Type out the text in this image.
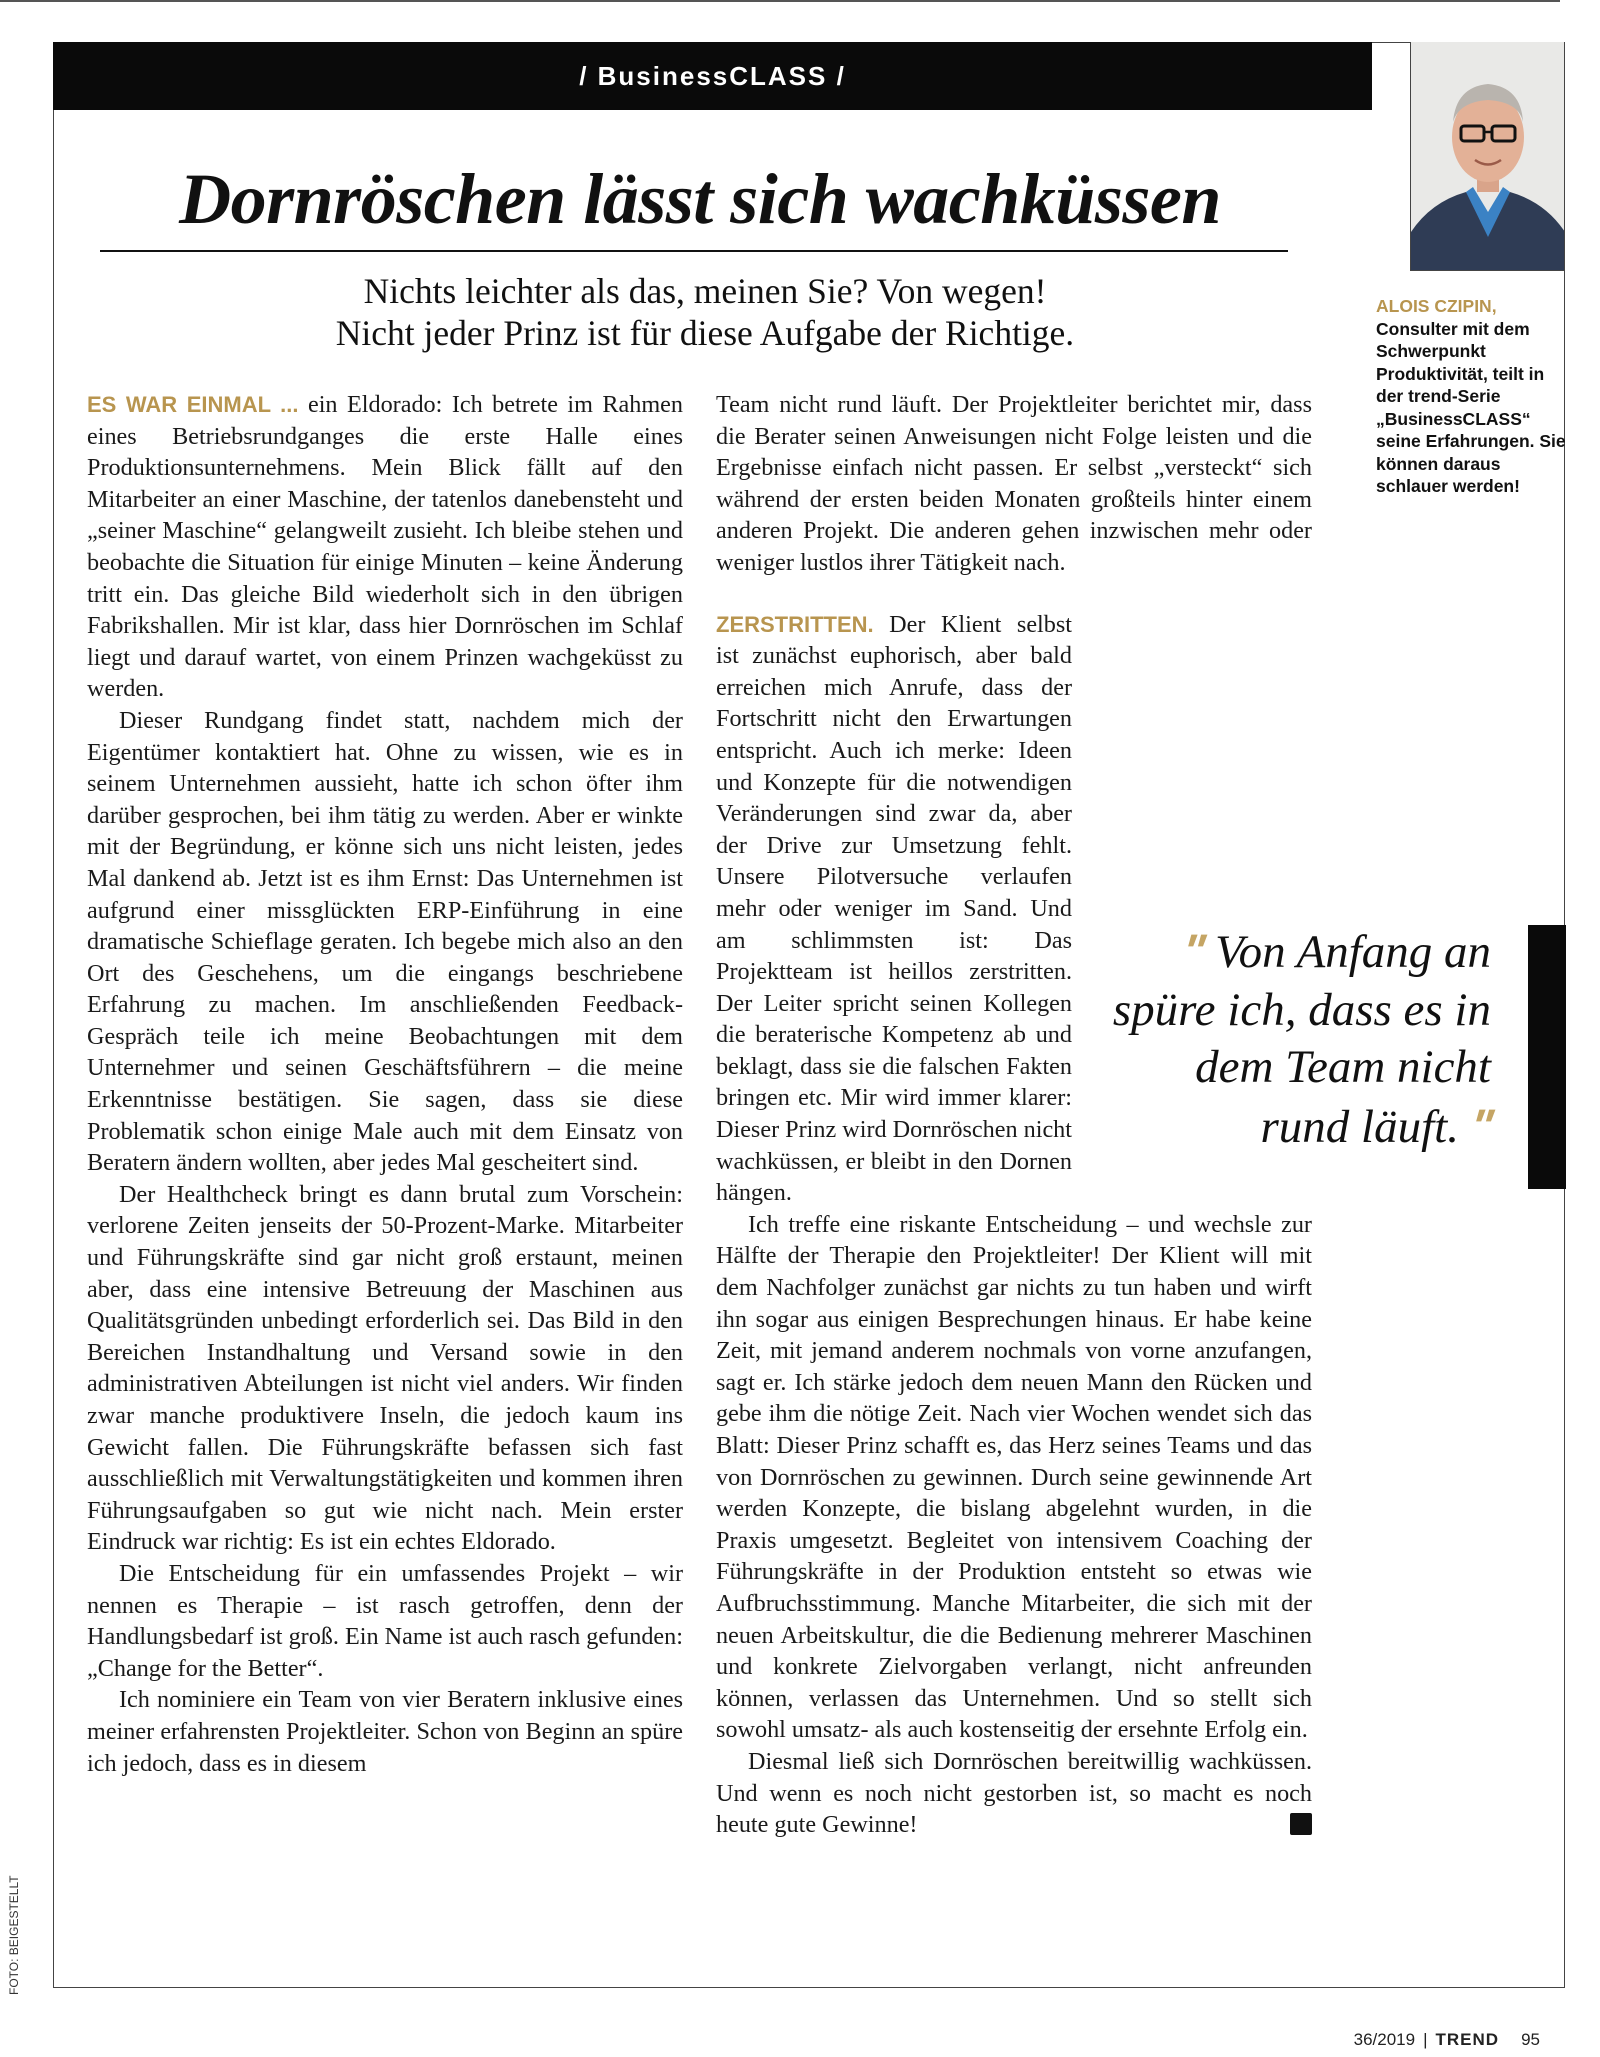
/ BusinessCLASS /
ALOIS CZIPIN,
Consulter mit dem Schwerpunkt Produktivität, teilt in der trend-Serie „BusinessCLASS“ seine Erfahrungen. Sie können daraus schlauer werden!
Dornröschen lässt sich wachküssen
Nichts leichter als das, meinen Sie? Von wegen!
Nicht jeder Prinz ist für diese Aufgabe der Richtige.

ES WAR EINMAL ... ein Eldorado: Ich betrete im Rahmen eines Betriebsrundganges die erste Halle eines Produktionsunternehmens. Mein Blick fällt auf den Mitarbeiter an einer Maschine, der tatenlos danebensteht und „seiner Maschine“ gelangweilt zusieht. Ich bleibe stehen und beobachte die Situation für einige Minuten – keine Änderung tritt ein. Das gleiche Bild wiederholt sich in den übrigen Fabrikshallen. Mir ist klar, dass hier Dornröschen im Schlaf liegt und darauf wartet, von einem Prinzen wachgeküsst zu werden.

Dieser Rundgang findet statt, nachdem mich der Eigentümer kontaktiert hat. Ohne zu wissen, wie es in seinem Unternehmen aussieht, hatte ich schon öfter ihm darüber gesprochen, bei ihm tätig zu werden. Aber er winkte mit der Begründung, er könne sich uns nicht leisten, jedes Mal dankend ab. Jetzt ist es ihm Ernst: Das Unternehmen ist aufgrund einer missglückten ERP-Einführung in eine dramatische Schieflage geraten. Ich begebe mich also an den Ort des Geschehens, um die eingangs beschriebene Erfahrung zu machen. Im anschließenden Feedback-Gespräch teile ich meine Beobachtungen mit dem Unternehmer und seinen Geschäftsführern – die meine Erkenntnisse bestätigen. Sie sagen, dass sie diese Problematik schon einige Male auch mit dem Einsatz von Beratern ändern wollten, aber jedes Mal gescheitert sind.

Der Healthcheck bringt es dann brutal zum Vorschein: verlorene Zeiten jenseits der 50-Prozent-Marke. Mitarbeiter und Führungskräfte sind gar nicht groß erstaunt, meinen aber, dass eine intensive Betreuung der Maschinen aus Qualitätsgründen unbedingt erforderlich sei. Das Bild in den Bereichen Instandhaltung und Versand sowie in den administrativen Abteilungen ist nicht viel anders. Wir finden zwar manche produktivere Inseln, die jedoch kaum ins Gewicht fallen. Die Führungskräfte befassen sich fast ausschließlich mit Verwaltungstätigkeiten und kommen ihren Führungsaufgaben so gut wie nicht nach. Mein erster Eindruck war richtig: Es ist ein echtes Eldorado.

Die Entscheidung für ein umfassendes Projekt – wir nennen es Therapie – ist rasch getroffen, denn der Handlungsbedarf ist groß. Ein Name ist auch rasch gefunden: „Change for the Better“.

Ich nominiere ein Team von vier Beratern inklusive eines meiner erfahrensten Projektleiter. Schon von Beginn an spüre ich jedoch, dass es in diesem

Team nicht rund läuft. Der Projektleiter berichtet mir, dass die Berater seinen Anweisungen nicht Folge leisten und die Ergebnisse einfach nicht passen. Er selbst „versteckt“ sich während der ersten beiden Monaten großteils hinter einem anderen Projekt. Die anderen gehen inzwischen mehr oder weniger lustlos ihrer Tätigkeit nach.

ZERSTRITTEN. Der Klient selbst ist zunächst euphorisch, aber bald erreichen mich Anrufe, dass der Fortschritt nicht den Erwartungen entspricht. Auch ich merke: Ideen und Konzepte für die notwendigen Veränderungen sind zwar da, aber der Drive zur Umsetzung fehlt. Unsere Pilotversuche verlaufen mehr oder weniger im Sand. Und am schlimmsten ist: Das Projektteam ist heillos zerstritten. Der Leiter spricht seinen Kollegen die beraterische Kompetenz ab und beklagt, dass sie die falschen Fakten bringen etc. Mir wird immer klarer: Dieser Prinz wird Dornröschen nicht wachküssen, er bleibt in den Dornen hängen.

Ich treffe eine riskante Entscheidung – und wechsle zur Hälfte der Therapie den Projektleiter! Der Klient will mit dem Nachfolger zunächst gar nichts zu tun haben und wirft ihn sogar aus einigen Besprechungen hinaus. Er habe keine Zeit, mit jemand anderem nochmals von vorne anzufangen, sagt er. Ich stärke jedoch dem neuen Mann den Rücken und gebe ihm die nötige Zeit. Nach vier Wochen wendet sich das Blatt: Dieser Prinz schafft es, das Herz seines Teams und das von Dornröschen zu gewinnen. Durch seine gewinnende Art werden Konzepte, die bislang abgelehnt wurden, in die Praxis umgesetzt. Begleitet von intensivem Coaching der Führungskräfte in der Produktion entsteht so etwas wie Aufbruchsstimmung. Manche Mitarbeiter, die sich mit der neuen Arbeitskultur, die die Bedienung mehrerer Maschinen und konkrete Zielvorgaben verlangt, nicht anfreunden können, verlassen das Unternehmen. Und so stellt sich sowohl umsatz- als auch kostenseitig der ersehnte Erfolg ein.

Diesmal ließ sich Dornröschen bereitwillig wachküssen. Und wenn es noch nicht gestorben ist, so macht es noch heute gute Gewinne!	T

" Von Anfang an spüre ich, dass es in dem Team nicht rund läuft. "
FOTO: BEIGESTELLT
36/2019 | TREND 95
